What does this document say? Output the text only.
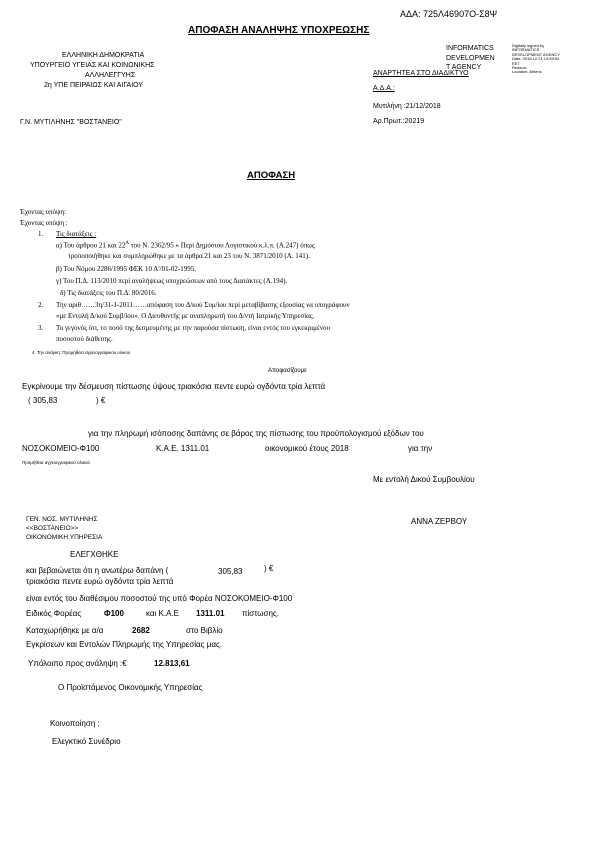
ΑΔΑ: 725Λ46907Ο-Σ8Ψ
ΑΠΟΦΑΣΗ ΑΝΑΛΗΨΗΣ ΥΠΟΧΡΕΩΣΗΣ
ΕΛΛΗΝΙΚΗ ΔΗΜΟΚΡΑΤΙΑ
ΥΠΟΥΡΓΕΙΟ ΥΓΕΙΑΣ ΚΑΙ ΚΟΙΝΩΝΙΚΗΣ
ΑΛΛΗΛΕΓΓΥΗΣ
2η ΥΠΕ ΠΕΙΡΑΙΩΣ ΚΑΙ ΑΙΓΑΙΟΥ
Γ.Ν. ΜΥΤΙΛΗΝΗΣ "ΒΟΣΤΑΝΕΙΟ"
INFORMATICS
DEVELOPMEN
T AGENCY
Digitally signed by
INFORMATICS
DEVELOPMENT AGENCY
Date: 2018.12.21 13:59:54
EET
Reason:
Location: Athens
ΑΝΑΡΤΗΤΕΑ ΣΤΟ ΔΙΑΔΙΚΤΥΟ
Α.Δ.Α.:
Μυτιλήνη :21/12/2018
Αρ.Πρωτ.:20219
ΑΠΟΦΑΣΗ
Έχοντας υπόψη:
Έχοντας υπόψη :
1. Τις διατάξεις :
α) Του άρθρου 21 και $22^A$ του Ν. 2362/95 « Περί Δημόσιου Λογιστικού κ.λ.π. (Α.247) όπως
τροποποιήθηκε και συμπληρώθηκε με τα άρθρα 21 και 23 του Ν. 3871/2010 (Α. 141).
β) Του Νόμου 2286/1995 ΦΕΚ 10 Α'/01-02-1995.
γ) Του Π.Δ. 113/2010 περί αναλήψεως υποχρεώσεων από τους Διατάκτες (Α.194).
δ) Τις διατάξεις του Π.Δ. 80/2016.
2. Την αριθ……3η/31-1-2011……απόφαση του Δ/κού Συμ/ίου περί μεταβίβασης εξουσίας να υπογράφουν
«με Εντολή Δ/κού Συμβ/ίου». Ο Διευθυντής με αναπληρωτή του Δ/ντή Ιατρικής Υπηρεσίας.
3. Το γεγονός ότι, το ποσό της δεσμευμένης με την παρούσα πίστωση, είναι εντός του εγκεκριμένου
ποσοστού διάθεσης.
4. Την ανάγκη: Προμήθεια αγγειογραφικου υλικου
Αποφασίζουμε
Εγκρίνουμε την δέσμευση πίστωσης ύψους τριακόσια πεντε ευρώ ογδόντα τρία λεπτά
( 305,83	) €
για την πληρωμή ισόποσης δαπάνης σε βάρος της πίστωσης του προϋπολογισμού εξόδων του
ΝΟΣΟΚΟΜΕΙΟ-Φ100	Κ.Α.Ε. 1311.01	οικονομικού έτους 2018	για την
Προμήθεια αγγειογραφικού υλικού
Με εντολή Δικού Συμβουλίου
ΓΕΝ. ΝΟΣ. ΜΥΤΙΛΗΝΗΣ
<<ΒΟΣΤΑΝΕΙΟ>>
ΟΙΚΟΝΟΜΙΚΗ ΥΠΗΡΕΣΙΑ
ΑΝΝΑ ΖΕΡΒΟΥ
ΕΛΕΓΧΘΗΚΕ
και βεβαιώνεται ότι η ανωτέρω δαπάνη (	305,83	) €
τριακόσια πεντε ευρώ ογδόντα τρία λεπτά
είναι εντός του διαθέσιμου ποσοστού της υπό Φορέα ΝΟΣΟΚΟΜΕΙΟ-Φ100
Ειδικός Φορέας	Φ100	και Κ.Α.Ε 1311.01 πίστωσης.
Καταχωρήθηκε με α/α	2682	στο Βιβλίο
Εγκρίσεων και Εντολών Πληρωμής της Υπηρεσίας μας.
Υπόλοιπο προς ανάληψη :€	12.813,61
Ο Προϊστάμενος Οικονομικής Υπηρεσίας
Κοινοποίηση :
Ελεγκτικό Συνέδριο
